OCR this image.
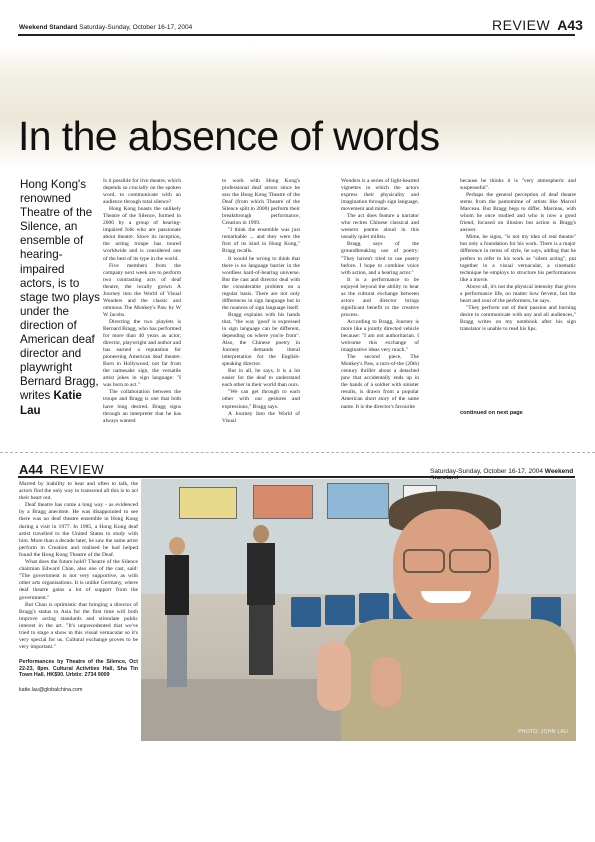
Weekend Standard Saturday-Sunday, October 16-17, 2004	REVIEW A43
In the absence of words
Hong Kong's renowned Theatre of the Silence, an ensemble of hearing-impaired actors, is to stage two plays under the direction of American deaf director and playwright Bernard Bragg, writes Katie Lau

Is it possible for live theatre, which depends so crucially on the spoken word, to communicate with an audience through total silence?

Hong Kong boasts the unlikely Theatre of the Silence, formed in 2000 by a group of hearing-impaired folk who are passionate about theatre. Since its inception, the acting troupe has toured worldwide and is considered one of the best of its type in the world.

Five members from the company next week are to perform two contrasting acts of deaf theatre, the locally grown A Journey into the World of Visual Wonders and the classic and ominous The Monkey's Paw by W W Jacobs.

Directing the two playlets is Bernard Bragg, who has performed for more than 40 years as actor, director, playwright and author and has earned a reputation for pioneering American deaf theatre. Born in Hollywood, not far from the namesake sign, the versatile artist jokes in sign language: "I was born to act."

The collaboration between the troupe and Bragg is one that both have long desired. Bragg signs through an interpreter that he has always wanted

to work with Hong Kong's professional deaf actors since he saw the Hong Kong Theatre of the Deaf (from which Theatre of the Silence split in 2000) perform their breakthrough performance, Creation in 1999.

"I think the ensemble was just remarkable ... and they were the first of its kind in Hong Kong," Bragg recalls.

It would be wrong to think that there is no language barrier in the wordless hard-of-hearing universe. But the cast and director deal with the considerable problem on a regular basis. There are not only differences in sign language but in the nuances of sign language itself.

Bragg explains with his hands that, "the way 'good' is expressed in sign language can be different, depending on where you're from". Also, the Chinese poetry in Journey demands literal interpretation for the English-speaking director.

But in all, he says, it is a lot easier for the deaf to understand each other in their world than ours.

"We can get through to each other with our gestures and expressions," Bragg says.

A Journey Into the World of Visual

Wonders is a series of light-hearted vignettes in which the actors express their physicality and imagination through sign language, movement and mime.

The act does feature a narrator who recites Chinese classical and western poems aloud in this usually quiet milieu.

Bragg says of the groundbreaking use of poetry: "They haven't tried to use poetry before. I hope to combine voice with action, and a hearing actor."

It is a performance to be enjoyed beyond the ability to hear as the cultural exchange between actors and director brings significant benefit to the creative process.

According to Bragg, Journey is more like a jointly directed vehicle because: "I am not authoritarian. I welcome this exchange of imaginative ideas very much."

The second piece, The Monkey's Paw, a turn-of-the (20th) century thriller about a detached paw that accidentally ends up in the hands of a soldier with sinister results, is drawn from a popular American short story of the same name. It is the director's favourite

because he thinks it is "very atmospheric and suspenseful".

Perhaps the general perception of deaf theatre stems from the pantomime of artists like Marcel Marceau. But Bragg begs to differ. Marceau, with whom he once studied and who is now a good friend, focused on illusion but action is Bragg's answer.

Mime, he signs, "is not my idea of real theatre" but only a foundation for his work. There is a major difference in terms of style, he says, adding that he prefers to refer to his work as "silent acting", put together in a visual vernacular, a cinematic technique he employs to structure his performances like a movie.

Above all, it's not the physical intensity that gives a performance life, no matter how fervent, but the heart and soul of the performers, he says.

"They perform out of their passion and burning desire to communicate with any and all audiences," Bragg writes on my notebook after his sign translator is unable to read his lips.

continued on next page
A44 REVIEW	Saturday-Sunday, October 16-17, 2004 Weekend

Marred by inability to hear and often to talk, the actors find the only way to transcend all this is to act their heart out.

Deaf theatre has come a long way - as evidenced by a Bragg anecdote. He was disappointed to see there was no deaf theatre ensemble in Hong Kong during a visit in 1977. In 1985, a Hong Kong deaf artist travelled to the United States to study with him. More than a decade later, he saw the same artist perform in Creation and realised he had helped found the Hong Kong Theatre of the Deaf.

What does the future hold? Theatre of the Silence chairman Edward Chan, also one of the cast, said: "The government is not very supportive, as with other arts organisations. It is unlike Germany, where deaf theatre gains a lot of support from the government."

But Chan is optimistic that bringing a director of Bragg's status to Asia for the first time will both improve acting standards and stimulate public interest in the art. "It's unprecedented that we've tried to stage a show in this visual vernacular so it's very special for us. Cultural exchange proves to be very important."

Performances by Theatre of the Silence, Oct 22-23, 8pm. Cultural Activities Hall, Sha Tin Town Hall. HK$90. Urbtix: 2734 9009
katie.lau@globalchina.com
PHOTO: JOHN LAU
